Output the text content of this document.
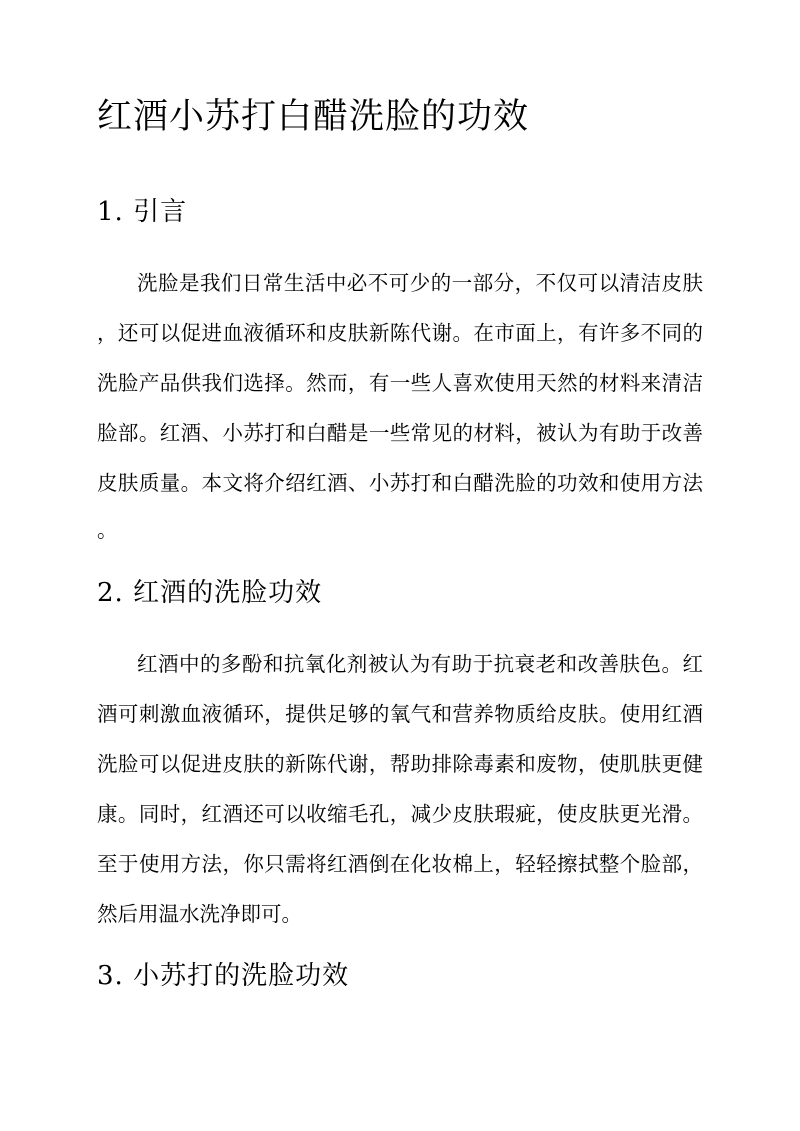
红酒小苏打白醋洗脸的功效
1. 引言

洗脸是我们日常生活中必不可少的一部分，不仅可以清洁皮肤

，还可以促进血液循环和皮肤新陈代谢。在市面上，有许多不同的

洗脸产品供我们选择。然而，有一些人喜欢使用天然的材料来清洁

脸部。红酒、小苏打和白醋是一些常见的材料，被认为有助于改善

皮肤质量。本文将介绍红酒、小苏打和白醋洗脸的功效和使用方法

。

2. 红酒的洗脸功效

红酒中的多酚和抗氧化剂被认为有助于抗衰老和改善肤色。红

酒可刺激血液循环，提供足够的氧气和营养物质给皮肤。使用红酒

洗脸可以促进皮肤的新陈代谢，帮助排除毒素和废物，使肌肤更健

康。同时，红酒还可以收缩毛孔，减少皮肤瑕疵，使皮肤更光滑。

至于使用方法，你只需将红酒倒在化妆棉上，轻轻擦拭整个脸部，

然后用温水洗净即可。

3. 小苏打的洗脸功效
